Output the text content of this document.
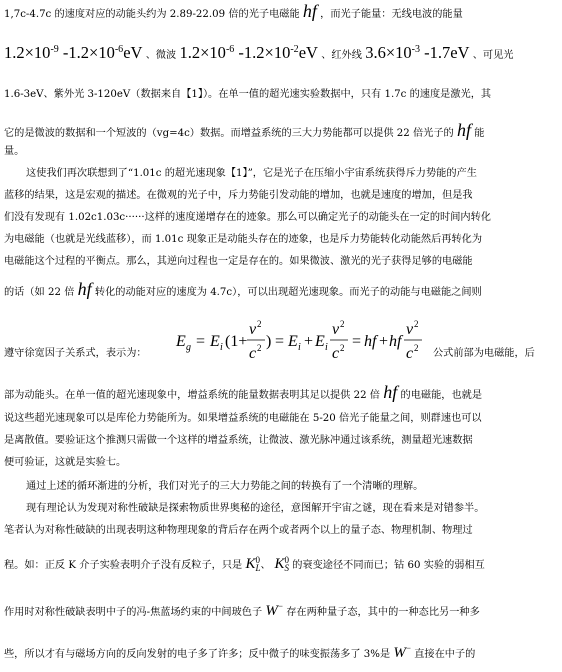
1,7c-4.7c 的速度对应的动能头约为 2.89-22.09 倍的光子电磁能 hf ，而光子能量：无线电波的能量
$1.2\times 10^{-9}$ $-1.2\times 10^{-6}eV$ 、微波 $1.2\times 10^{-6}$ $-1.2\times 10^{-2}eV$ 、红外线 $3.6\times 10^{-3}$ -1.7eV 、可见光
1.6-3eV、紫外光 3-120eV（数据来自【1】）。在单一值的超光速实验数据中，只有 1.7c 的速度是激光，其
它的是微波的数据和一个短波的（vg=4c）数据。而增益系统的三大力势能都可以提供 22 倍光子的 hf 能
量。
这使我们再次联想到了“1.01c 的超光速现象【1】”，它是光子在压缩小宇宙系统获得斥力势能的产生
蓝移的结果，这是宏观的描述。在微观的光子中，斥力势能引发动能的增加，也就是速度的增加，但是我
们没有发现有 1.02c1.03c······这样的速度递增存在的迹象。那么可以确定光子的动能头在一定的时间内转化
为电磁能（也就是光线蓝移），而 1.01c 现象正是动能头存在的迹象，也是斥力势能转化动能然后再转化为
电磁能这个过程的平衡点。那么，其逆向过程也一定是存在的。如果微波、激光的光子获得足够的电磁能
的话（如 22 倍 hf 转化的动能对应的速度为 4.7c），可以出现超光速现象。而光子的动能与电磁能之间则
遵守徐宽因子关系式，表示为：	公式前部为电磁能，后
E g = E i (1+
v 2
c 2 ) = E i + E i
v 2
c 2 = hf + hf
v 2
c 2
部为动能头。在单一值的超光速现象中，增益系统的能量数据表明其足以提供 22 倍 hf 的电磁能，也就是
说这些超光速现象可以是库伦力势能所为。如果增益系统的电磁能在 5-20 倍光子能量之间，则群速也可以
是离散值。要验证这个推测只需做一个这样的增益系统，让微波、激光脉冲通过该系统，测量超光速数据
便可验证，这就是实验七。
通过上述的循环渐进的分析，我们对光子的三大力势能之间的转换有了一个清晰的理解。
现有理论认为发现对称性破缺是探索物质世界奥秘的途径，意图解开宇宙之谜，现在看来是对错参半。
笔者认为对称性破缺的出现表明这种物理现象的背后存在两个或者两个以上的量子态、物理机制、物理过
程。如：正反 K 介子实验表明介子没有反粒子，只是 K 0
L 、 K 0
S 的衰变途径不同而已；钴 60 实验的弱相互
作用时对称性破缺表明中子的冯-焦蓝场约束的中间玻色子 W− 存在两种量子态，其中的一种态比另一种多
些，所以才有与磁场方向的反向发射的电子多了许多；反中微子的味变振荡多了 3%是 W− 直接在中子的
